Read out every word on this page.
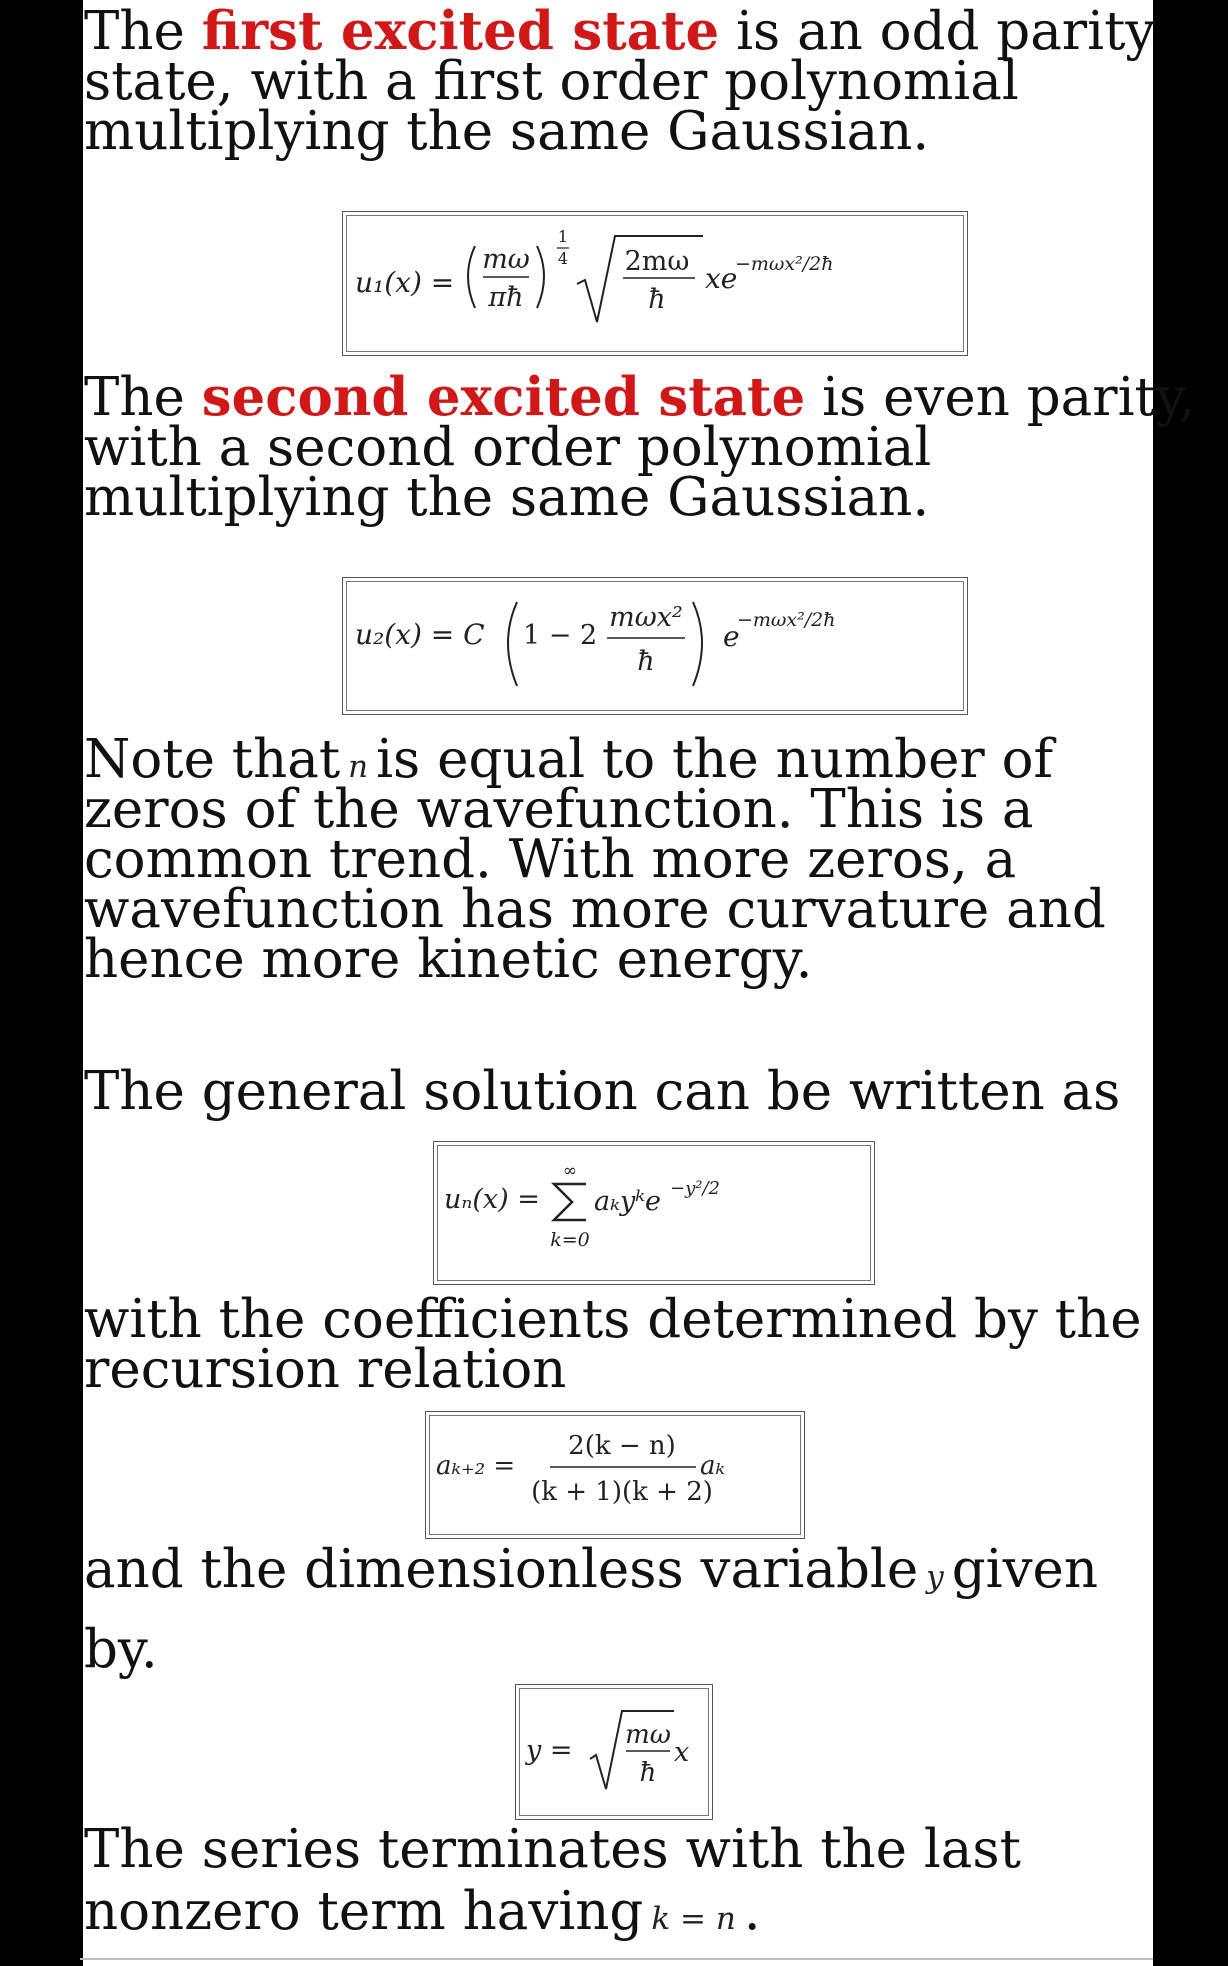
The first excited state is an odd parity
state, with a first order polynomial
multiplying the same Gaussian.
u₁(x) =
mω
πħ
1
4 2mω
ħ
xe
−mωx²/2ħ
The second excited state is even parity,
with a second order polynomial
multiplying the same Gaussian.
u₂(x) = C 1 − 2
mωx²
ħ
e
−mωx²/2ħ
Note that n is equal to the number of
zeros of the wavefunction. This is a
common trend. With more zeros, a
wavefunction has more curvature and
hence more kinetic energy.
The general solution can be written as
uₙ(x) =
∞
k=0
aₖyᵏe −y²/2
with the coefficients determined by the
recursion relation
aₖ₊₂ =
2(k − n)
(k + 1)(k + 2)
aₖ
and the dimensionless variable y given
by.
y = mω
ħ
x
The series terminates with the last
nonzero term having k = n .
